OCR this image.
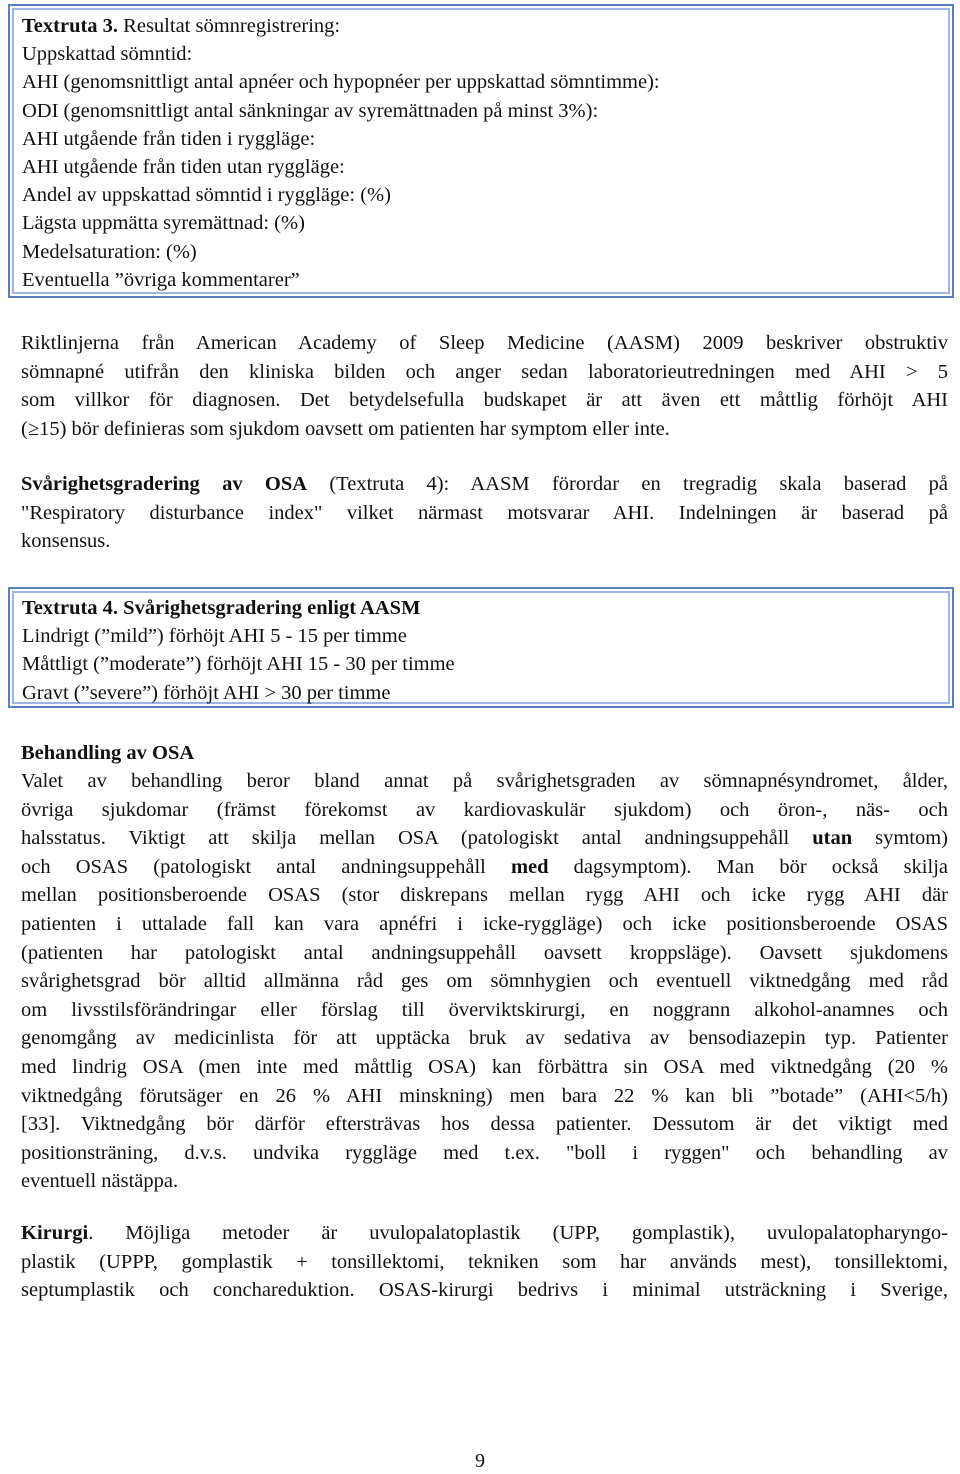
Textruta 3. Resultat sömnregistrering:
Uppskattad sömntid:
AHI (genomsnittligt antal apnéer och hypopnéer per uppskattad sömntimme):
ODI (genomsnittligt antal sänkningar av syremättnaden på minst 3%):
AHI utgående från tiden i ryggläge:
AHI utgående från tiden utan ryggläge:
Andel av uppskattad sömntid i ryggläge: (%)
Lägsta uppmätta syremättnad: (%)
Medelsaturation: (%)
Eventuella ”övriga kommentarer”
Riktlinjerna från American Academy of Sleep Medicine (AASM) 2009 beskriver obstruktiv
sömnapné utifrån den kliniska bilden och anger sedan laboratorieutredningen med AHI > 5
som villkor för diagnosen. Det betydelsefulla budskapet är att även ett måttlig förhöjt AHI
(≥15) bör definieras som sjukdom oavsett om patienten har symptom eller inte.
Svårighetsgradering av OSA (Textruta 4): AASM förordar en tregradig skala baserad på
"Respiratory disturbance index" vilket närmast motsvarar AHI. Indelningen är baserad på
konsensus.
Textruta 4. Svårighetsgradering enligt AASM
Lindrigt (”mild”) förhöjt AHI 5 - 15 per timme
Måttligt (”moderate”) förhöjt AHI 15 - 30 per timme
Gravt (”severe”) förhöjt AHI > 30 per timme
Behandling av OSA
Valet av behandling beror bland annat på svårighetsgraden av sömnapnésyndromet, ålder,
övriga sjukdomar (främst förekomst av kardiovaskulär sjukdom) och öron-, näs- och
halsstatus. Viktigt att skilja mellan OSA (patologiskt antal andningsuppehåll utan symtom)
och OSAS (patologiskt antal andningsuppehåll med dagsymptom). Man bör också skilja
mellan positionsberoende OSAS (stor diskrepans mellan rygg AHI och icke rygg AHI där
patienten i uttalade fall kan vara apnéfri i icke-ryggläge) och icke positionsberoende OSAS
(patienten har patologiskt antal andningsuppehåll oavsett kroppsläge). Oavsett sjukdomens
svårighetsgrad bör alltid allmänna råd ges om sömnhygien och eventuell viktnedgång med råd
om livsstilsförändringar eller förslag till överviktskirurgi, en noggrann alkohol-anamnes och
genomgång av medicinlista för att upptäcka bruk av sedativa av bensodiazepin typ. Patienter
med lindrig OSA (men inte med måttlig OSA) kan förbättra sin OSA med viktnedgång (20 %
viktnedgång förutsäger en 26 % AHI minskning) men bara 22 % kan bli ”botade” (AHI<5/h)
[33]. Viktnedgång bör därför eftersträvas hos dessa patienter. Dessutom är det viktigt med
positionsträning, d.v.s. undvika ryggläge med t.ex. "boll i ryggen" och behandling av
eventuell nästäppa.
Kirurgi. Möjliga metoder är uvulopalatoplastik (UPP, gomplastik), uvulopalatopharyngo-
plastik (UPPP, gomplastik + tonsillektomi, tekniken som har används mest), tonsillektomi,
septumplastik och conchareduktion. OSAS-kirurgi bedrivs i minimal utsträckning i Sverige,
9
